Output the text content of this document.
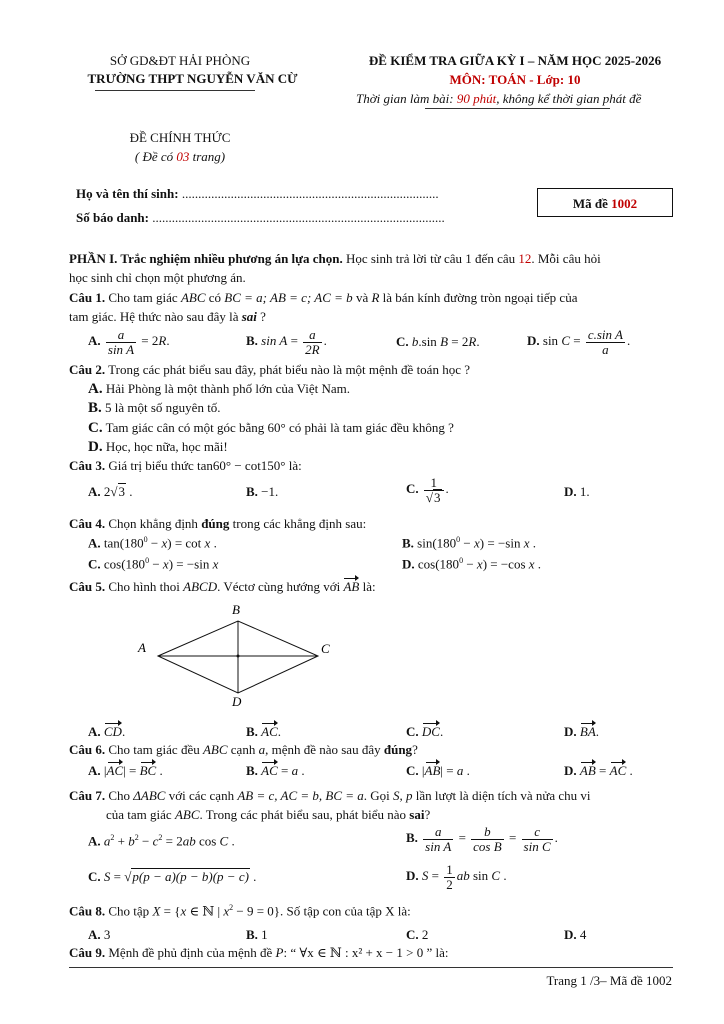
SỞ GD&ĐT HẢI PHÒNG
TRƯỜNG THPT NGUYỄN VĂN CỪ
ĐỀ KIỂM TRA GIỮA KỲ I – NĂM HỌC 2025-2026
MÔN: TOÁN - Lớp: 10
Thời gian làm bài: 90 phút, không kể thời gian phát đề
ĐỀ CHÍNH THỨC
( Đề có 03 trang)
Họ và tên thí sinh: ...............................................................................
Số báo danh: ..........................................................................................
Mã đề 1002
PHẦN I. Trắc nghiệm nhiều phương án lựa chọn. Học sinh trả lời từ câu 1 đến câu 12. Mỗi câu hỏi
học sinh chỉ chọn một phương án.
Câu 1. Cho tam giác ABC có BC = a; AB = c; AC = b và R là bán kính đường tròn ngoại tiếp của
tam giác. Hệ thức nào sau đây là sai ?
A. $\frac{a}{\text{sin A}} = 2R$.	B. $\sin A = \frac{a}{2R}$ .	C. b.sin B = 2R.	D. $\sin C = \frac{\text{c.sin A}}{a}$ .
Câu 2. Trong các phát biểu sau đây, phát biểu nào là một mệnh đề toán học ?
A. Hải Phòng là một thành phố lớn của Việt Nam.
B. 5 là một số nguyên tố.
C. Tam giác cân có một góc bằng 60° có phải là tam giác đều không ?
D. Học, học nữa, học mãi!
Câu 3. Giá trị biểu thức tan60° − cot150° là:
A. 2√3 .	B. −1.	C. $\frac{1}{√3}$ .	D. 1.
Câu 4. Chọn khẳng định đúng trong các khẳng định sau:
A. $\tan(180^0 - x) = \cot x$ .	B. $\sin(180^0 - x) = -\sin$ x .
C. $\cos(180^0 - x) = -\sin$ x	D. $\cos(180^0 - x) = -\cos$ x .
Câu 5. Cho hình thoi ABCD. Véctơ cùng hướng với AB là:
A
B
C
D
A. CD.	B. AC.	C. DC.	D. BA.
Câu 6. Cho tam giác đều ABC cạnh a, mệnh đề nào sau đây đúng?
A. |AC| = BC .	B. AC = a .	C. |AB| = a .	D. AB = AC .
Câu 7. Cho ΔABC với các cạnh AB = c, AC = b, BC = a. Gọi S, p lần lượt là diện tích và nửa chu vi
của tam giác ABC. Trong các phát biểu sau, phát biểu nào sai?
A. $a^2 + b^2 - c^2 = 2ab$ cos C .	B. $\frac{a}{\text{sin A}} = \frac{b}{\text{cos B}} = \frac{c}{\text{sin C}}$ .
C. S = √p(p − a)(p − b)(p − c) .	D. $S = \frac{1}{2}$ ab sin C .
Câu 8. Cho tập X = {x ∈ ℕ | $x^2 - 9 = 0$}. Số tập con của tập X là:
A. 3	B. 1	C. 2	D. 4
Câu 9. Mệnh đề phủ định của mệnh đề P: “ ∀x ∈ ℕ : x² + x − 1 > 0 ” là:
Trang 1 /3– Mã đề 1002
